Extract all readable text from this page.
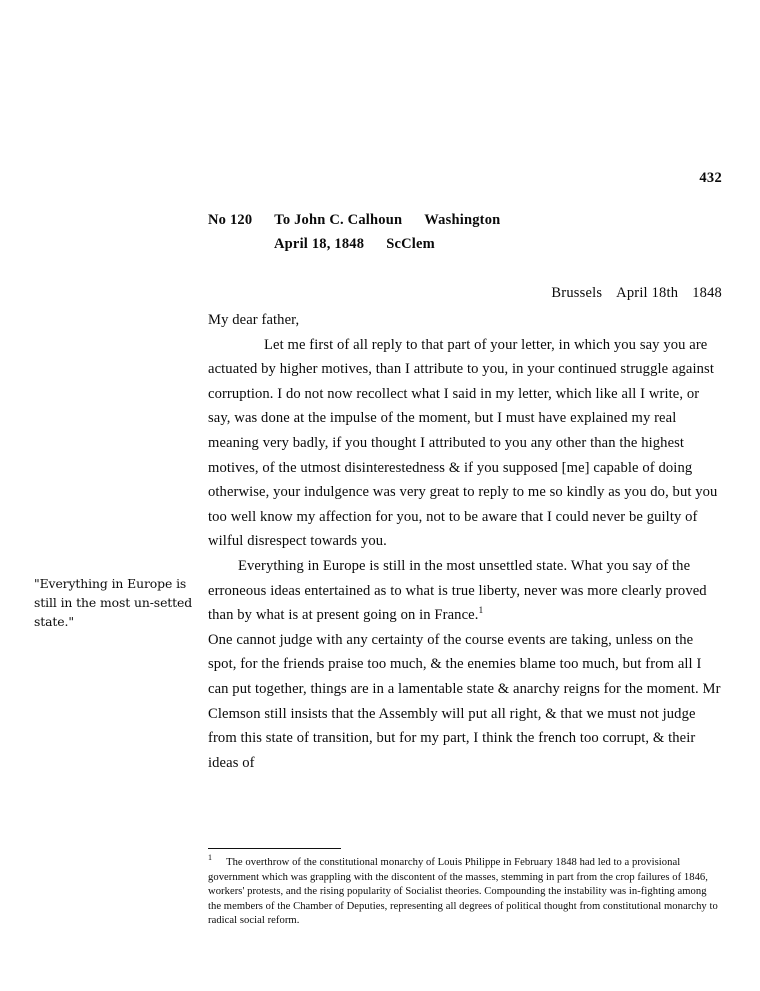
432
No 120 To John C. Calhoun Washington
April 18, 1848 ScClem
Brussels April 18th 1848

My dear father,

Let me first of all reply to that part of your letter, in which you say you are actuated by higher motives, than I attribute to you, in your continued struggle against corruption. I do not now recollect what I said in my letter, which like all I write, or say, was done at the impulse of the moment, but I must have explained my real meaning very badly, if you thought I attributed to you any other than the highest motives, of the utmost disinterestedness & if you supposed [me] capable of doing otherwise, your indulgence was very great to reply to me so kindly as you do, but you too well know my affection for you, not to be aware that I could never be guilty of wilful disrespect towards you.

Everything in Europe is still in the most unsettled state. What you say of the erroneous ideas entertained as to what is true liberty, never was more clearly proved than by what is at present going on in France.$^1$
One cannot judge with any certainty of the course events are taking, unless on the spot, for the friends praise too much, & the enemies blame too much, but from all I can put together, things are in a lamentable state & anarchy reigns for the moment. Mr Clemson still insists that the Assembly will put all right, & that we must not judge from this state of transition, but for my part, I think the french too corrupt, & their ideas of

"Everything in Europe is still in the most un-setted state."
$^1$ The overthrow of the constitutional monarchy of Louis Philippe in February 1848 had led to a provisional government which was grappling with the discontent of the masses, stemming in part from the crop failures of 1846, workers' protests, and the rising popularity of Socialist theories. Compounding the instability was in-fighting among the members of the Chamber of Deputies, representing all degrees of political thought from constitutional monarchy to radical social reform.
